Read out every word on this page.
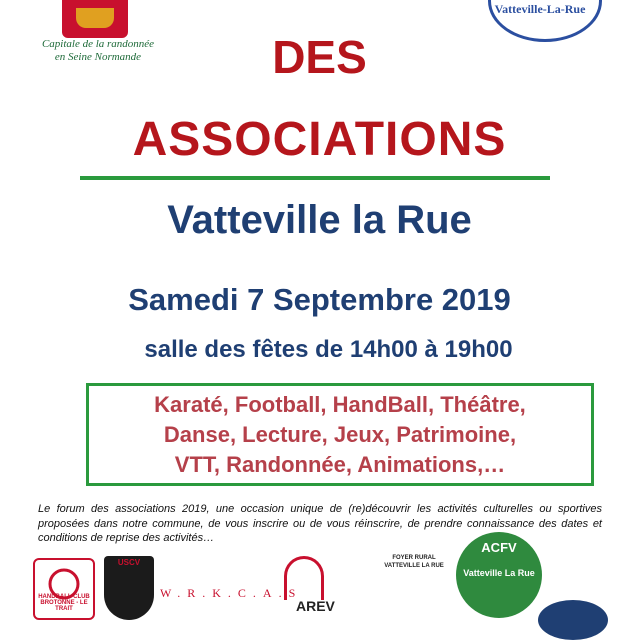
Capitale de la randonnée
en Seine Normande
Vatteville-La-Rue
DES
ASSOCIATIONS
Vatteville la Rue
Samedi 7 Septembre 2019
salle des fêtes de 14h00 à 19h00
Karaté, Football, HandBall, Théâtre,
Danse, Lecture, Jeux, Patrimoine,
VTT, Randonnée, Animations,…
Le forum des associations 2019, une occasion unique de (re)découvrir les activités culturelles ou sportives proposées dans notre commune, de vous inscrire ou de vous réinscrire, de prendre connaissance des dates et conditions de reprise des activités…
HANDBALL CLUB BROTONNE - LE TRAIT
USCV
W.R.K.C.A.S
AREV
FOYER RURAL VATTEVILLE LA RUE
ACFV
Vatteville La Rue
